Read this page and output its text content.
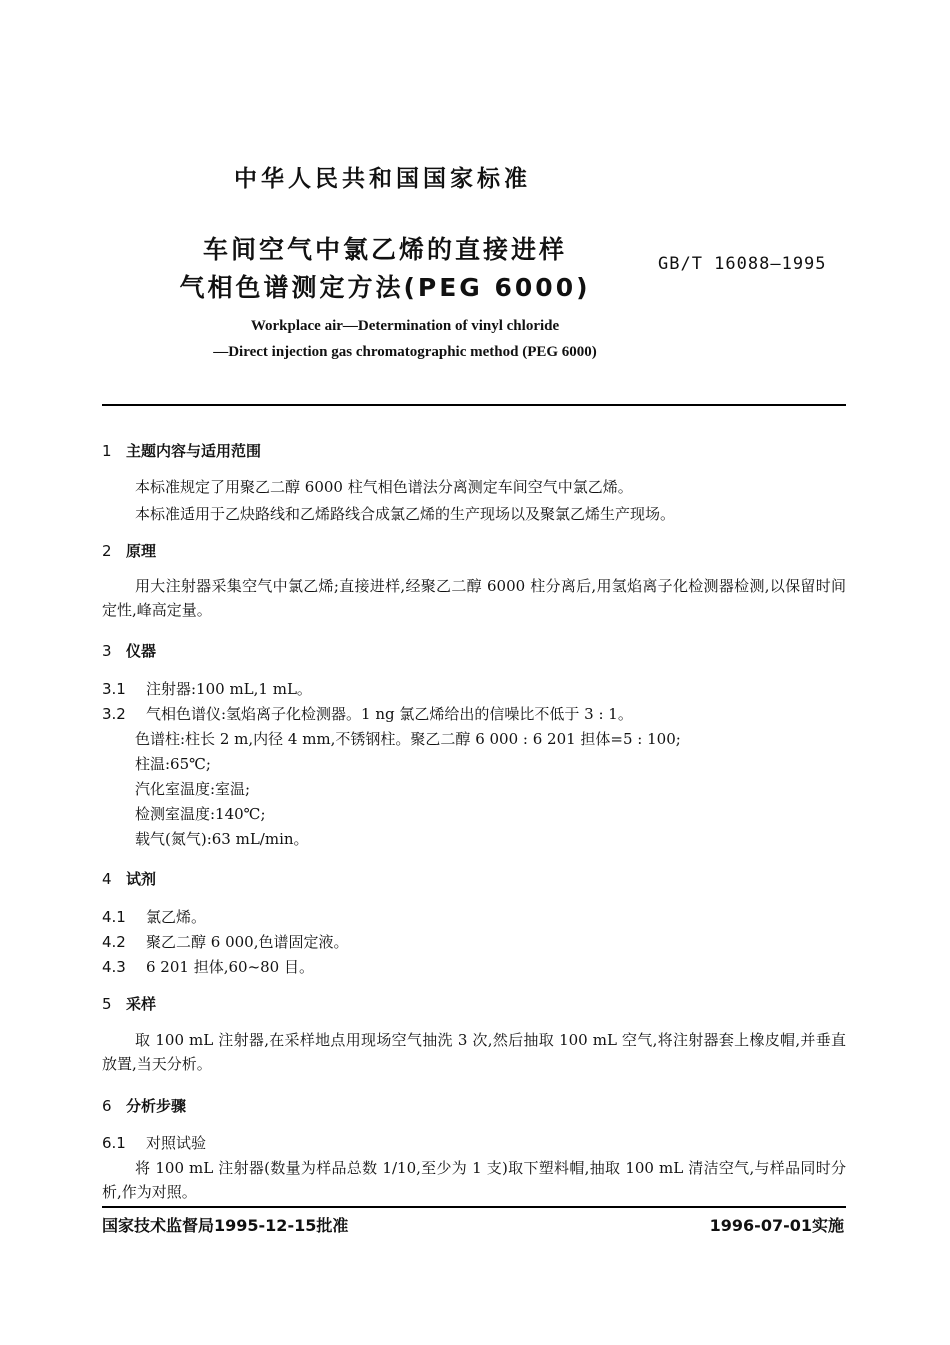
中华人民共和国国家标准
车间空气中氯乙烯的直接进样
气相色谱测定方法(PEG 6000)
GB/T 16088—1995
Workplace air—Determination of vinyl chloride
—Direct injection gas chromatographic method (PEG 6000)
1 主题内容与适用范围
本标准规定了用聚乙二醇 6000 柱气相色谱法分离测定车间空气中氯乙烯。
本标准适用于乙炔路线和乙烯路线合成氯乙烯的生产现场以及聚氯乙烯生产现场。
2 原理
用大注射器采集空气中氯乙烯;直接进样,经聚乙二醇 6000 柱分离后,用氢焰离子化检测器检测,以保留时间定性,峰高定量。
3 仪器
3.1 注射器:100 mL,1 mL。
3.2 气相色谱仪:氢焰离子化检测器。1 ng 氯乙烯给出的信噪比不低于 3 : 1。
色谱柱:柱长 2 m,内径 4 mm,不锈钢柱。聚乙二醇 6 000 : 6 201 担体=5 : 100;
柱温:65℃;
汽化室温度:室温;
检测室温度:140℃;
载气(氮气):63 mL/min。
4 试剂
4.1 氯乙烯。
4.2 聚乙二醇 6 000,色谱固定液。
4.3 6 201 担体,60~80 目。
5 采样
取 100 mL 注射器,在采样地点用现场空气抽洗 3 次,然后抽取 100 mL 空气,将注射器套上橡皮帽,并垂直放置,当天分析。
6 分析步骤
6.1 对照试验
将 100 mL 注射器(数量为样品总数 1/10,至少为 1 支)取下塑料帽,抽取 100 mL 清洁空气,与样品同时分析,作为对照。
国家技术监督局1995-12-15批准	1996-07-01实施
